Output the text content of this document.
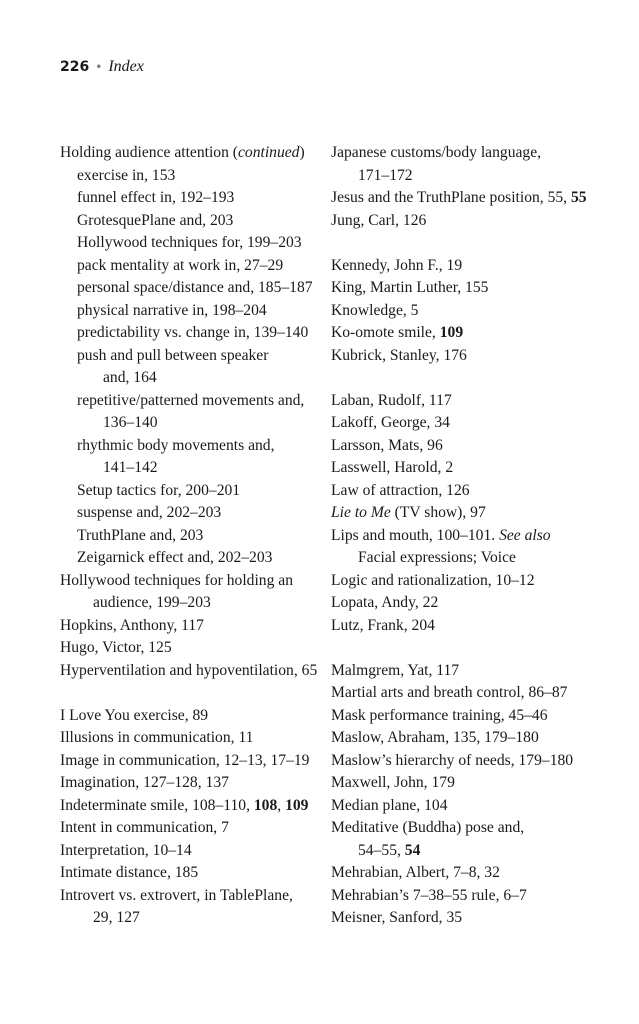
226 • Index
Holding audience attention (continued)
exercise in, 153
funnel effect in, 192–193
GrotesquePlane and, 203
Hollywood techniques for, 199–203
pack mentality at work in, 27–29
personal space/distance and, 185–187
physical narrative in, 198–204
predictability vs. change in, 139–140
push and pull between speaker
and, 164
repetitive/patterned movements and,
136–140
rhythmic body movements and,
141–142
Setup tactics for, 200–201
suspense and, 202–203
TruthPlane and, 203
Zeigarnick effect and, 202–203
Hollywood techniques for holding an
audience, 199–203
Hopkins, Anthony, 117
Hugo, Victor, 125
Hyperventilation and hypoventilation, 65
I Love You exercise, 89
Illusions in communication, 11
Image in communication, 12–13, 17–19
Imagination, 127–128, 137
Indeterminate smile, 108–110, 108, 109
Intent in communication, 7
Interpretation, 10–14
Intimate distance, 185
Introvert vs. extrovert, in TablePlane,
29, 127
Japanese customs/body language,
171–172
Jesus and the TruthPlane position, 55, 55
Jung, Carl, 126
Kennedy, John F., 19
King, Martin Luther, 155
Knowledge, 5
Ko-omote smile, 109
Kubrick, Stanley, 176
Laban, Rudolf, 117
Lakoff, George, 34
Larsson, Mats, 96
Lasswell, Harold, 2
Law of attraction, 126
Lie to Me (TV show), 97
Lips and mouth, 100–101. See also
Facial expressions; Voice
Logic and rationalization, 10–12
Lopata, Andy, 22
Lutz, Frank, 204
Malmgrem, Yat, 117
Martial arts and breath control, 86–87
Mask performance training, 45–46
Maslow, Abraham, 135, 179–180
Maslow’s hierarchy of needs, 179–180
Maxwell, John, 179
Median plane, 104
Meditative (Buddha) pose and,
54–55, 54
Mehrabian, Albert, 7–8, 32
Mehrabian’s 7–38–55 rule, 6–7
Meisner, Sanford, 35
